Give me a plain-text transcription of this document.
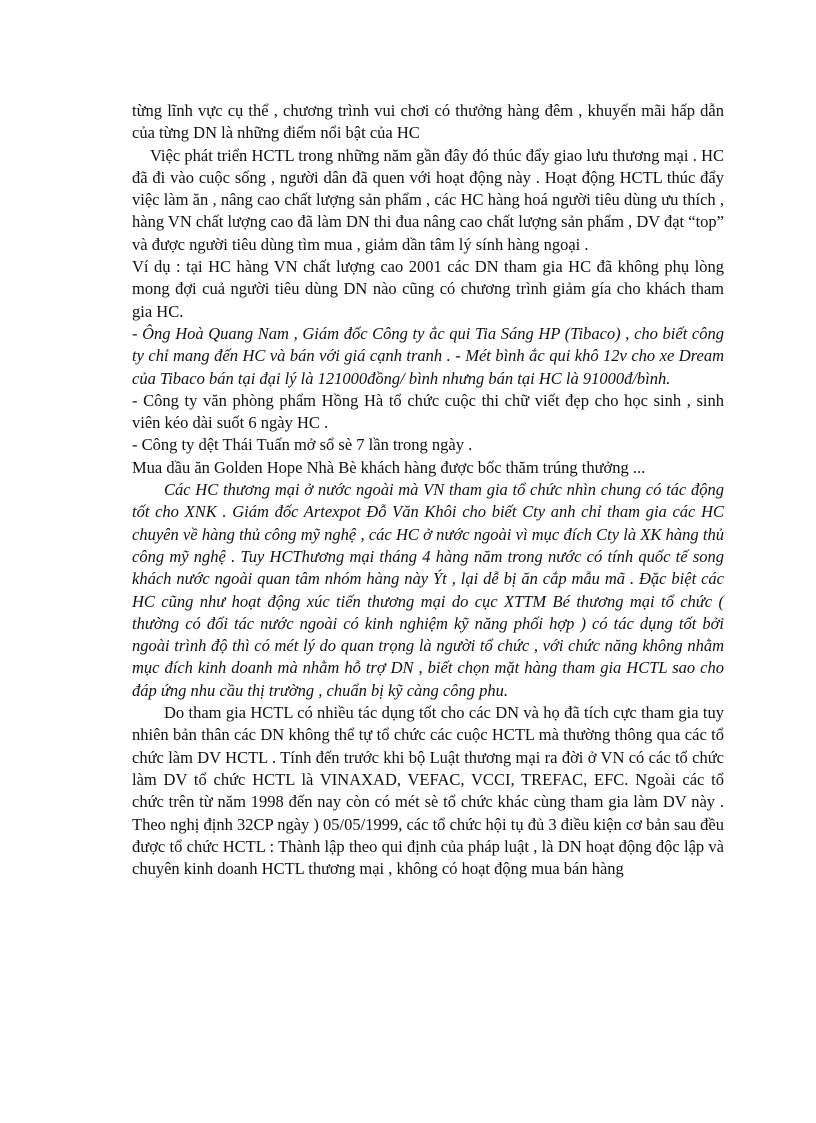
từng lĩnh vực cụ thể , chương trình vui chơi có thưởng hàng đêm , khuyến mãi hấp dẫn của từng DN là những điểm nổi bật của HC

Việc phát triển HCTL trong những năm gần đây đó thúc đẩy giao lưu thương mại . HC đã đi vào cuộc sống , người dân đã quen với hoạt động này . Hoạt động HCTL thúc đẩy việc làm ăn , nâng cao chất lượng sản phẩm , các HC hàng hoá người tiêu dùng ưu thích , hàng VN chất lượng cao đã làm DN thi đua nâng cao chất lượng sản phẩm , DV đạt “top” và được người tiêu dùng tìm mua , giảm dần tâm lý sính hàng ngoại .

Ví dụ : tại HC hàng VN chất lượng cao 2001 các DN tham gia HC đã không phụ lòng mong đợi cuả người tiêu dùng DN nào cũng có chương trình giảm gía cho khách tham gia HC.

- Ông Hoà Quang Nam , Giám đốc Công ty ắc qui Tia Sáng HP (Tibaco) , cho biết công ty chỉ mang đến HC và bán với giá cạnh tranh . - Mét bình ắc qui khô 12v cho xe Dream của Tibaco bán tại đại lý là 121000đồng/ bình nhưng bán tại HC là 91000đ/bình.

- Công ty văn phòng phẩm Hồng Hà tổ chức cuộc thi chữ viết đẹp cho học sinh , sinh viên kéo dài suốt 6 ngày HC .

- Công ty dệt Thái Tuấn mở sổ sè 7 lần trong ngày .

Mua dầu ăn Golden Hope Nhà Bè khách hàng được bốc thăm trúng thưởng ...

Các HC thương mại ở nước ngoài mà VN tham gia tổ chức nhìn chung có tác động tốt cho XNK . Giám đốc Artexpot Đỗ Văn Khôi cho biết Cty anh chỉ tham gia các HC chuyên về hàng thủ công mỹ nghệ , các HC ở nước ngoài vì mục đích Cty là XK hàng thủ công mỹ nghệ . Tuy HCThương mại tháng 4 hàng năm trong nước có tính quốc tế song khách nước ngoài quan tâm nhóm hàng này Ýt , lại dễ bị ăn cắp mẫu mã . Đặc biệt các HC cũng như hoạt động xúc tiến thương mại do cục XTTM Bé thương mại tổ chức ( thường có đối tác nước ngoài có kinh nghiệm kỹ năng phối hợp ) có tác dụng tốt bởi ngoài trình độ thì có mét lý do quan trọng là người tổ chức , với chức năng không nhằm mục đích kinh doanh mà nhằm hỗ trợ DN , biết chọn mặt hàng tham gia HCTL sao cho đáp ứng nhu cầu thị trường , chuẩn bị kỹ càng công phu.

Do tham gia HCTL có nhiều tác dụng tốt cho các DN và họ đã tích cực tham gia tuy nhiên bản thân các DN không thể tự tổ chức các cuộc HCTL mà thường thông qua các tổ chức làm DV HCTL . Tính đến trước khi bộ Luật thương mại ra đời ở VN có các tổ chức làm DV tổ chức HCTL là VINAXAD, VEFAC, VCCI, TREFAC, EFC. Ngoài các tổ chức trên từ năm 1998 đến nay còn có mét sè tổ chức khác cùng tham gia làm DV này . Theo nghị định 32CP ngày ) 05/05/1999, các tổ chức hội tụ đủ 3 điều kiện cơ bản sau đều được tổ chức HCTL : Thành lập theo qui định của pháp luật , là DN hoạt động độc lập và chuyên kinh doanh HCTL thương mại , không có hoạt động mua bán hàng
